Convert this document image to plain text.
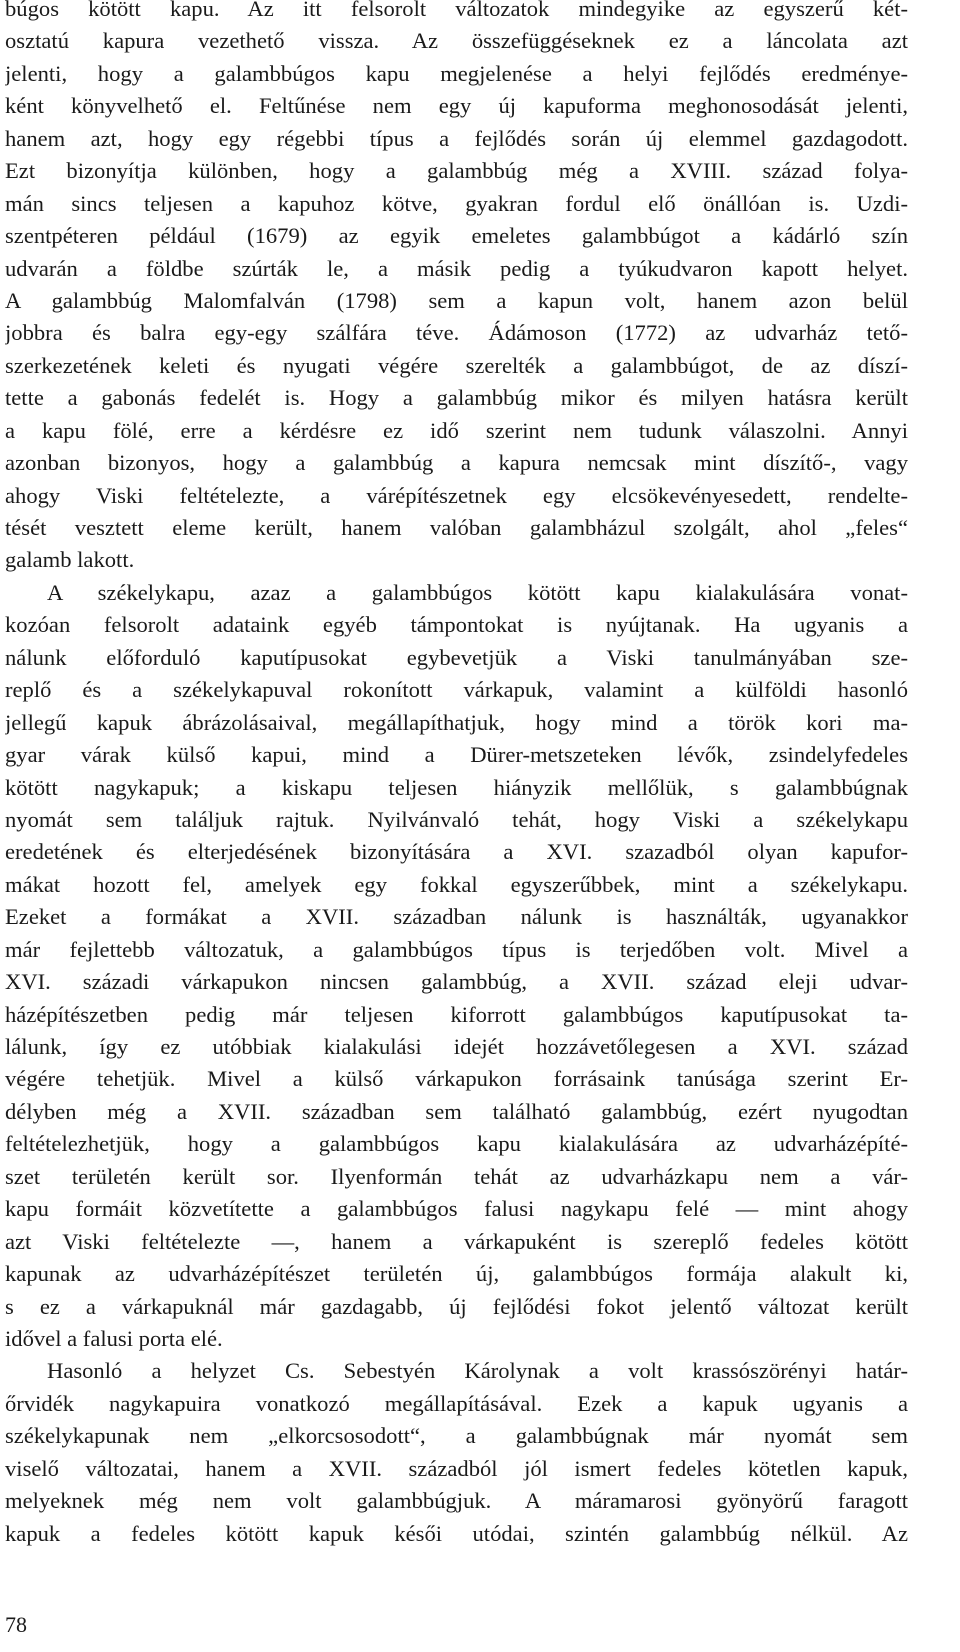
búgos kötött kapu. Az itt felsorolt változatok mindegyike az egyszerű két-
osztatú kapura vezethető vissza. Az összefüggéseknek ez a láncolata azt
jelenti, hogy a galambbúgos kapu megjelenése a helyi fejlődés eredménye-
ként könyvelhető el. Feltűnése nem egy új kapuforma meghonosodását jelenti,
hanem azt, hogy egy régebbi típus a fejlődés során új elemmel gazdagodott.
Ezt bizonyítja különben, hogy a galambbúg még a XVIII. század folya-
mán sincs teljesen a kapuhoz kötve, gyakran fordul elő önállóan is. Uzdi-
szentpéteren például (1679) az egyik emeletes galambbúgot a kádárló szín
udvarán a földbe szúrták le, a másik pedig a tyúkudvaron kapott helyet.
A galambbúg Malomfalván (1798) sem a kapun volt, hanem azon belül
jobbra és balra egy-egy szálfára téve. Ádámoson (1772) az udvarház tető-
szerkezetének keleti és nyugati végére szerelték a galambbúgot, de az díszí-
tette a gabonás fedelét is. Hogy a galambbúg mikor és milyen hatásra került
a kapu fölé, erre a kérdésre ez idő szerint nem tudunk válaszolni. Annyi
azonban bizonyos, hogy a galambbúg a kapura nemcsak mint díszítő-, vagy
ahogy Viski feltételezte, a várépítészetnek egy elcsökevényesedett, rendelte-
tését vesztett eleme került, hanem valóban galambházul szolgált, ahol „feles“
galamb lakott.
A székelykapu, azaz a galambbúgos kötött kapu kialakulására vonat-
kozóan felsorolt adataink egyéb támpontokat is nyújtanak. Ha ugyanis a
nálunk előforduló kaputípusokat egybevetjük a Viski tanulmányában sze-
replő és a székelykapuval rokonított várkapuk, valamint a külföldi hasonló
jellegű kapuk ábrázolásaival, megállapíthatjuk, hogy mind a török kori ma-
gyar várak külső kapui, mind a Dürer-metszeteken lévők, zsindelyfedeles
kötött nagykapuk; a kiskapu teljesen hiányzik mellőlük, s galambbúgnak
nyomát sem találjuk rajtuk. Nyilvánvaló tehát, hogy Viski a székelykapu
eredetének és elterjedésének bizonyítására a XVI. szazadból olyan kapufor-
mákat hozott fel, amelyek egy fokkal egyszerűbbek, mint a székelykapu.
Ezeket a formákat a XVII. században nálunk is használták, ugyanakkor
már fejlettebb változatuk, a galambbúgos típus is terjedőben volt. Mivel a
XVI. századi várkapukon nincsen galambbúg, a XVII. század eleji udvar-
házépítészetben pedig már teljesen kiforrott galambbúgos kaputípusokat ta-
lálunk, így ez utóbbiak kialakulási idejét hozzávetőlegesen a XVI. század
végére tehetjük. Mivel a külső várkapukon forrásaink tanúsága szerint Er-
délyben még a XVII. században sem található galambbúg, ezért nyugodtan
feltételezhetjük, hogy a galambbúgos kapu kialakulására az udvarházépíté-
szet területén került sor. Ilyenformán tehát az udvarházkapu nem a vár-
kapu formáit közvetítette a galambbúgos falusi nagykapu felé — mint ahogy
azt Viski feltételezte —, hanem a várkapuként is szereplő fedeles kötött
kapunak az udvarházépítészet területén új, galambbúgos formája alakult ki,
s ez a várkapuknál már gazdagabb, új fejlődési fokot jelentő változat került
idővel a falusi porta elé.
Hasonló a helyzet Cs. Sebestyén Károlynak a volt krassószörényi határ-
őrvidék nagykapuira vonatkozó megállapításával. Ezek a kapuk ugyanis a
székelykapunak nem „elkorcsosodott“, a galambbúgnak már nyomát sem
viselő változatai, hanem a XVII. századból jól ismert fedeles kötetlen kapuk,
melyeknek még nem volt galambbúgjuk. A máramarosi gyönyörű faragott
kapuk a fedeles kötött kapuk késői utódai, szintén galambbúg nélkül. Az
78
